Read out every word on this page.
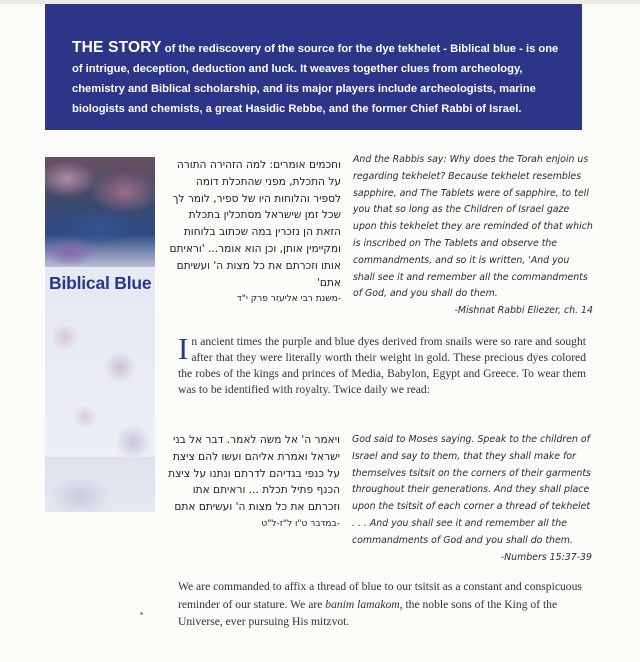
THE STORY of the rediscovery of the source for the dye tekhelet - Biblical blue - is one of intrigue, deception, deduction and luck. It weaves together clues from archeology, chemistry and Biblical scholarship, and its major players include archeologists, marine biologists and chemists, a great Hasidic Rebbe, and the former Chief Rabbi of Israel.
Biblical Blue
וחכמים אומרים: למה הזהירה התורה על התכלת, מפני שהתכלת דומה לספיר והלוחות היו של ספיר, לומר לך שכל זמן שישראל מסתכלין בתכלת הזאת הן נזכרין במה שכתוב בלוחות ומקיימין אותן, וכן הוא אומר... 'וראיתם אותו וזכרתם את כל מצות ה' ועשיתם אתם'
-משנת רבי אליעזר פרק י"ד
And the Rabbis say: Why does the Torah enjoin us regarding tekhelet? Because tekhelet resembles sapphire, and The Tablets were of sapphire, to tell you that so long as the Children of Israel gaze upon this tekhelet they are reminded of that which is inscribed on The Tablets and observe the commandments, and so it is written, 'And you shall see it and remember all the commandments of God, and you shall do them.
-Mishnat Rabbi Eliezer, ch. 14
In ancient times the purple and blue dyes derived from snails were so rare and sought after that they were literally worth their weight in gold. These precious dyes colored the robes of the kings and princes of Media, Babylon, Egypt and Greece. To wear them was to be identified with royalty. Twice daily we read:
ויאמר ה' אל משה לאמר. דבר אל בני ישראל ואמרת אליהם ועשו להם ציצת על כנפי בגדיהם לדרתם ונתנו על ציצת הכנף פתיל תכלת ... וראיתם אתו וזכרתם את כל מצות ה' ועשיתם אתם
-במדבר ט"ו ל"ז-ל"ט
God said to Moses saying. Speak to the children of Israel and say to them, that they shall make for themselves tsitsit on the corners of their garments throughout their generations. And they shall place upon the tsitsit of each corner a thread of tekhelet . . . And you shall see it and remember all the commandments of God and you shall do them.
-Numbers 15:37-39
We are commanded to affix a thread of blue to our tsitsit as a constant and conspicuous reminder of our stature. We are banim lamakom, the noble sons of the King of the Universe, ever pursuing His mitzvot.
